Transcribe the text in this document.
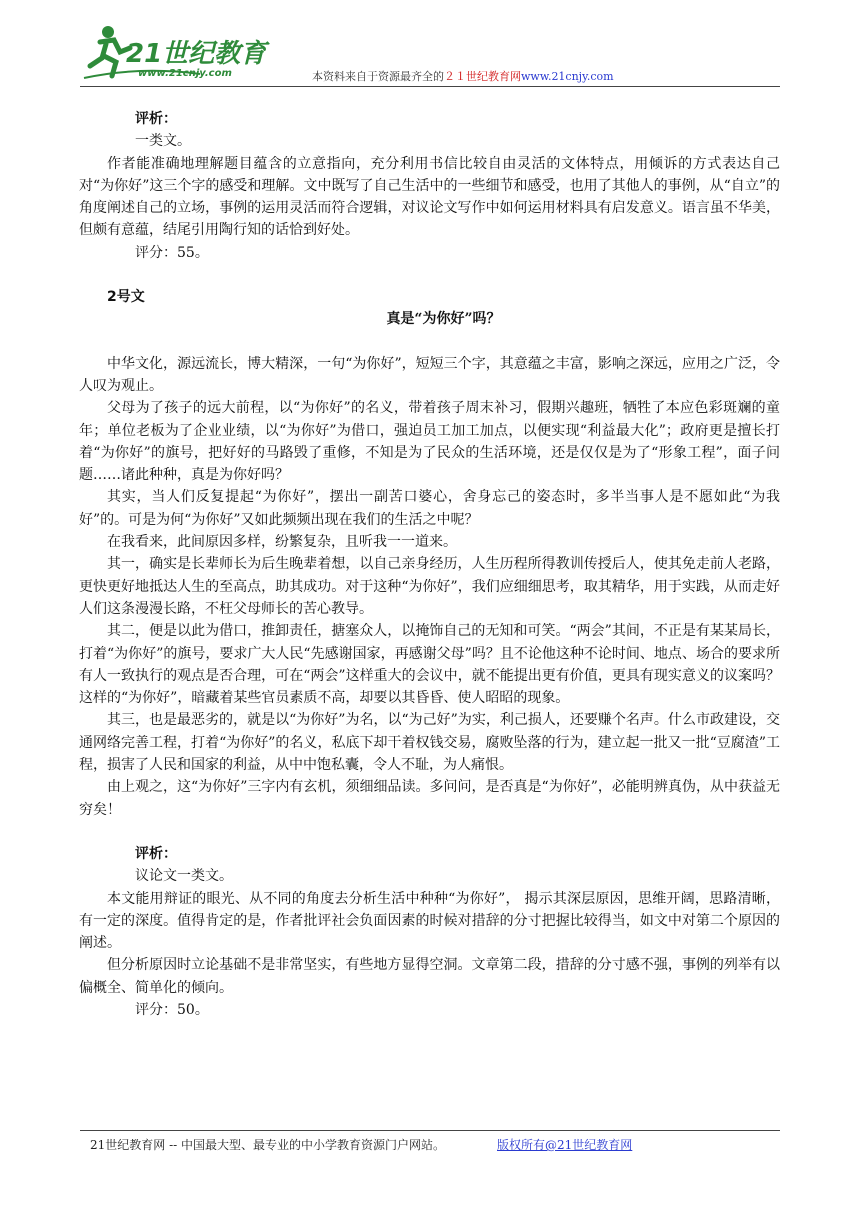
21世纪教育
www.21cnjy.com	本资料来自于资源最齐全的２１世纪教育网www.21cnjy.com

评析：

一类文。

作者能准确地理解题目蕴含的立意指向，充分利用书信比较自由灵活的文体特点，用倾诉的方式表达自己对“为你好”这三个字的感受和理解。文中既写了自己生活中的一些细节和感受，也用了其他人的事例，从“自立”的角度阐述自己的立场，事例的运用灵活而符合逻辑，对议论文写作中如何运用材料具有启发意义。语言虽不华美，但颇有意蕴，结尾引用陶行知的话恰到好处。

评分：55。

2号文

真是“为你好”吗？

中华文化，源远流长，博大精深，一句“为你好”，短短三个字，其意蕴之丰富，影响之深远，应用之广泛，令人叹为观止。

父母为了孩子的远大前程，以“为你好”的名义，带着孩子周末补习，假期兴趣班，牺牲了本应色彩斑斓的童年；单位老板为了企业业绩，以“为你好”为借口，强迫员工加工加点，以便实现“利益最大化”；政府更是擅长打着“为你好”的旗号，把好好的马路毁了重修，不知是为了民众的生活环境，还是仅仅是为了“形象工程”，面子问题……诸此种种，真是为你好吗？

其实，当人们反复提起“为你好”，摆出一副苦口婆心，舍身忘己的姿态时，多半当事人是不愿如此“为我好”的。可是为何“为你好”又如此频频出现在我们的生活之中呢？

在我看来，此间原因多样，纷繁复杂，且听我一一道来。

其一，确实是长辈师长为后生晚辈着想，以自己亲身经历，人生历程所得教训传授后人，使其免走前人老路，更快更好地抵达人生的至高点，助其成功。对于这种“为你好”，我们应细细思考，取其精华，用于实践，从而走好人们这条漫漫长路，不枉父母师长的苦心教导。

其二，便是以此为借口，推卸责任，搪塞众人，以掩饰自己的无知和可笑。“两会”其间，不正是有某某局长，打着“为你好”的旗号，要求广大人民“先感谢国家，再感谢父母”吗？且不论他这种不论时间、地点、场合的要求所有人一致执行的观点是否合理，可在“两会”这样重大的会议中，就不能提出更有价值，更具有现实意义的议案吗？这样的“为你好”，暗藏着某些官员素质不高，却要以其昏昏、使人昭昭的现象。

其三，也是最恶劣的，就是以“为你好”为名，以“为己好”为实，利己损人，还要赚个名声。什么市政建设，交通网络完善工程，打着“为你好”的名义，私底下却干着权钱交易，腐败坠落的行为，建立起一批又一批“豆腐渣”工程，损害了人民和国家的利益，从中中饱私囊，令人不耻，为人痛恨。

由上观之，这“为你好”三字内有玄机，须细细品读。多问问，是否真是“为你好”，必能明辨真伪，从中获益无穷矣！

评析：

议论文一类文。

本文能用辩证的眼光、从不同的角度去分析生活中种种“为你好”， 揭示其深层原因，思维开阔，思路清晰，有一定的深度。值得肯定的是，作者批评社会负面因素的时候对措辞的分寸把握比较得当，如文中对第二个原因的阐述。

但分析原因时立论基础不是非常坚实，有些地方显得空洞。文章第二段，措辞的分寸感不强，事例的列举有以偏概全、简单化的倾向。

评分：50。

21世纪教育网 -- 中国最大型、最专业的中小学教育资源门户网站。	版权所有@21世纪教育网
